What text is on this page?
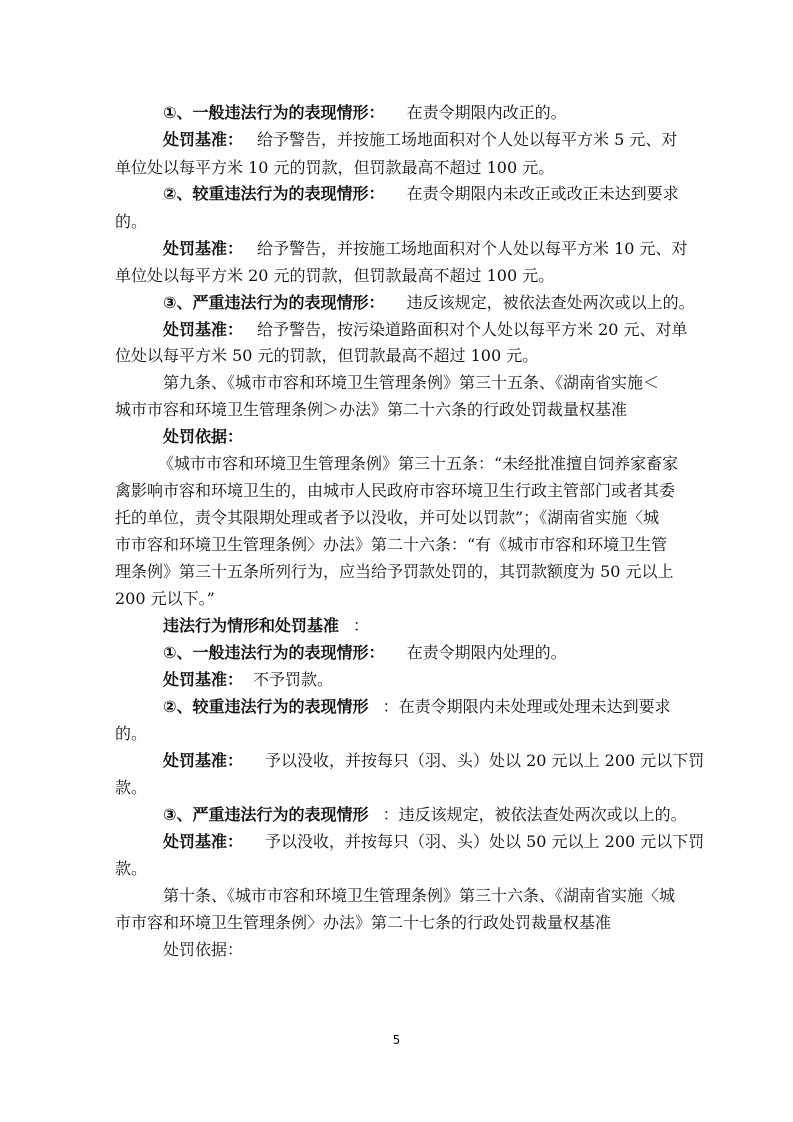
①、一般违法行为的表现情形： 在责令期限内改正的。
处罚基准： 给予警告，并按施工场地面积对个人处以每平方米 5 元、对
单位处以每平方米 10 元的罚款，但罚款最高不超过 100 元。
②、较重违法行为的表现情形： 在责令期限内未改正或改正未达到要求
的。
处罚基准： 给予警告，并按施工场地面积对个人处以每平方米 10 元、对
单位处以每平方米 20 元的罚款，但罚款最高不超过 100 元。
③、严重违法行为的表现情形： 违反该规定，被依法查处两次或以上的。
处罚基准： 给予警告，按污染道路面积对个人处以每平方米 20 元、对单
位处以每平方米 50 元的罚款，但罚款最高不超过 100 元。
第九条、《城市市容和环境卫生管理条例》第三十五条、《湖南省实施＜
城市市容和环境卫生管理条例＞办法》第二十六条的行政处罚裁量权基准
处罚依据：
《城市市容和环境卫生管理条例》第三十五条：“未经批准擅自饲养家畜家
禽影响市容和环境卫生的，由城市人民政府市容环境卫生行政主管部门或者其委
托的单位，责令其限期处理或者予以没收，并可处以罚款”；《湖南省实施〈城
市市容和环境卫生管理条例〉办法》第二十六条：“有《城市市容和环境卫生管
理条例》第三十五条所列行为，应当给予罚款处罚的，其罚款额度为 50 元以上
200 元以下。”
违法行为情形和处罚基准 ：
①、一般违法行为的表现情形： 在责令期限内处理的。
处罚基准： 不予罚款。
②、较重违法行为的表现情形 ：在责令期限内未处理或处理未达到要求
的。
处罚基准： 予以没收，并按每只（羽、头）处以 20 元以上 200 元以下罚
款。
③、严重违法行为的表现情形 ：违反该规定，被依法查处两次或以上的。
处罚基准： 予以没收，并按每只（羽、头）处以 50 元以上 200 元以下罚
款。
第十条、《城市市容和环境卫生管理条例》第三十六条、《湖南省实施〈城
市市容和环境卫生管理条例〉办法》第二十七条的行政处罚裁量权基准
处罚依据：
5
